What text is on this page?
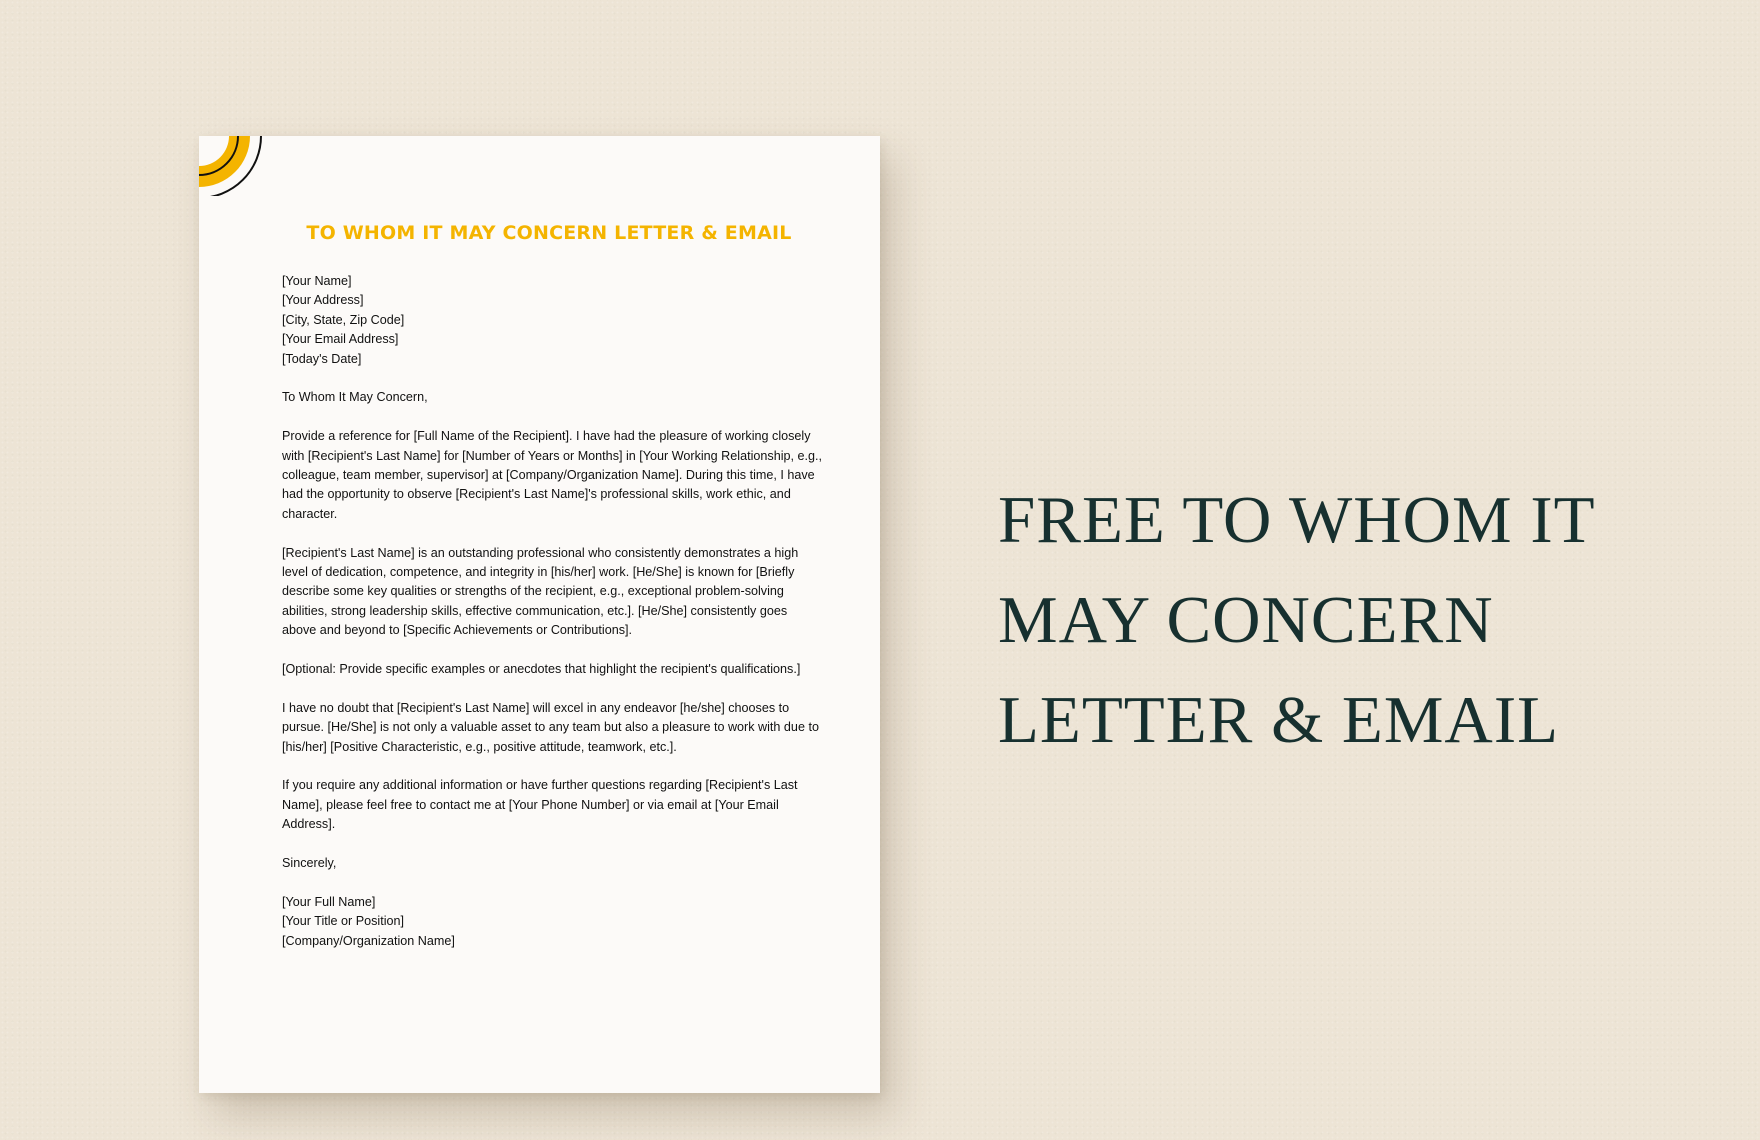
TO WHOM IT MAY CONCERN LETTER & EMAIL

[Your Name]
[Your Address]
[City, State, Zip Code]
[Your Email Address]
[Today's Date]

To Whom It May Concern,

Provide a reference for [Full Name of the Recipient]. I have had the pleasure of working closely with [Recipient's Last Name] for [Number of Years or Months] in [Your Working Relationship, e.g., colleague, team member, supervisor] at [Company/Organization Name]. During this time, I have had the opportunity to observe [Recipient's Last Name]'s professional skills, work ethic, and character.

[Recipient's Last Name] is an outstanding professional who consistently demonstrates a high level of dedication, competence, and integrity in [his/her] work. [He/She] is known for [Briefly describe some key qualities or strengths of the recipient, e.g., exceptional problem-solving abilities, strong leadership skills, effective communication, etc.]. [He/She] consistently goes above and beyond to [Specific Achievements or Contributions].

[Optional: Provide specific examples or anecdotes that highlight the recipient's qualifications.]

I have no doubt that [Recipient's Last Name] will excel in any endeavor [he/she] chooses to pursue. [He/She] is not only a valuable asset to any team but also a pleasure to work with due to [his/her] [Positive Characteristic, e.g., positive attitude, teamwork, etc.].

If you require any additional information or have further questions regarding [Recipient's Last Name], please feel free to contact me at [Your Phone Number] or via email at [Your Email Address].

Sincerely,

[Your Full Name]
[Your Title or Position]
[Company/Organization Name]

FREE TO WHOM IT
MAY CONCERN
LETTER & EMAIL
